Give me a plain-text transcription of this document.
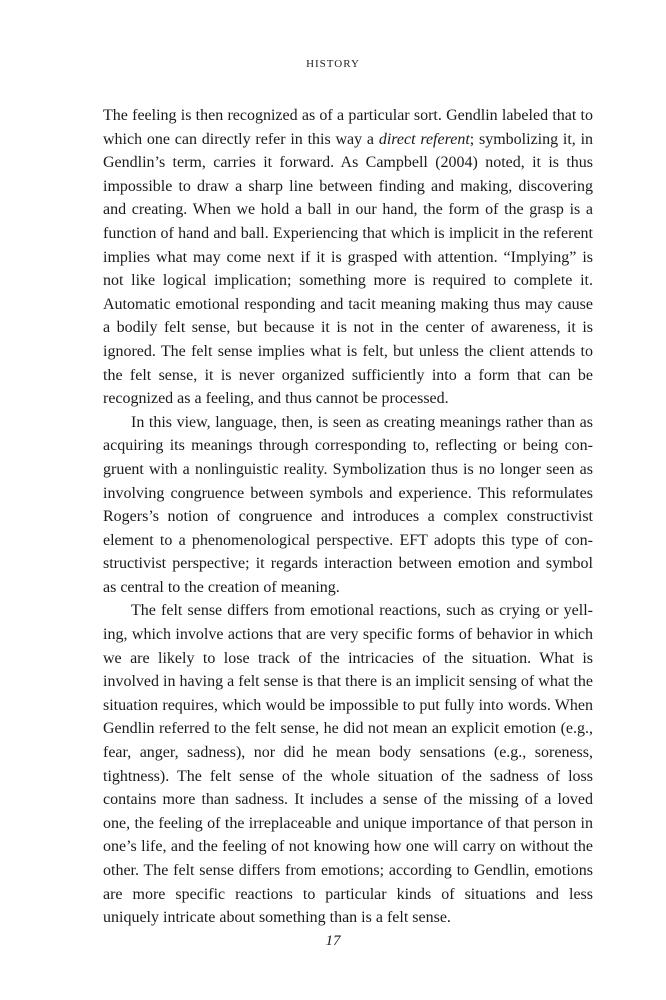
HISTORY

The feeling is then recognized as of a particular sort. Gendlin labeled that to which one can directly refer in this way a direct referent; symbolizing it, in Gendlin’s term, carries it forward. As Campbell (2004) noted, it is thus impossible to draw a sharp line between finding and making, discovering and creating. When we hold a ball in our hand, the form of the grasp is a function of hand and ball. Experiencing that which is implicit in the referent implies what may come next if it is grasped with attention. “Implying” is not like logical implication; something more is required to complete it. Automatic emotional responding and tacit meaning making thus may cause a bodily felt sense, but because it is not in the center of awareness, it is ignored. The felt sense implies what is felt, but unless the client attends to the felt sense, it is never organized sufficiently into a form that can be recognized as a feeling, and thus cannot be processed.

In this view, language, then, is seen as creating meanings rather than as acquiring its meanings through corresponding to, reflecting or being congruent with a nonlinguistic reality. Symbolization thus is no longer seen as involving congruence between symbols and experience. This reformulates Rogers’s notion of congruence and introduces a complex constructivist element to a phenomenological perspective. EFT adopts this type of constructivist perspective; it regards interaction between emotion and symbol as central to the creation of meaning.

The felt sense differs from emotional reactions, such as crying or yelling, which involve actions that are very specific forms of behavior in which we are likely to lose track of the intricacies of the situation. What is involved in having a felt sense is that there is an implicit sensing of what the situation requires, which would be impossible to put fully into words. When Gendlin referred to the felt sense, he did not mean an explicit emotion (e.g., fear, anger, sadness), nor did he mean body sensations (e.g., soreness, tightness). The felt sense of the whole situation of the sadness of loss contains more than sadness. It includes a sense of the missing of a loved one, the feeling of the irreplaceable and unique importance of that person in one’s life, and the feeling of not knowing how one will carry on without the other. The felt sense differs from emotions; according to Gendlin, emotions are more specific reactions to particular kinds of situations and less uniquely intricate about something than is a felt sense.

17
